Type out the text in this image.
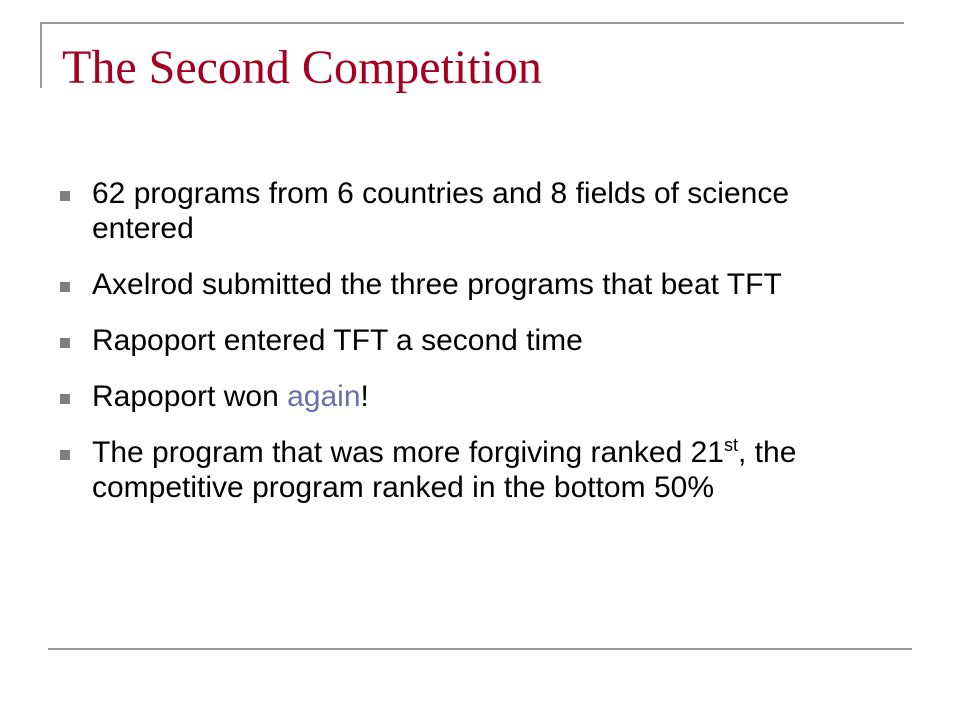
The Second Competition
62 programs from 6 countries and 8 fields of science entered
Axelrod submitted the three programs that beat TFT
Rapoport entered TFT a second time
Rapoport won again!
The program that was more forgiving ranked 21st, the competitive program ranked in the bottom 50%
